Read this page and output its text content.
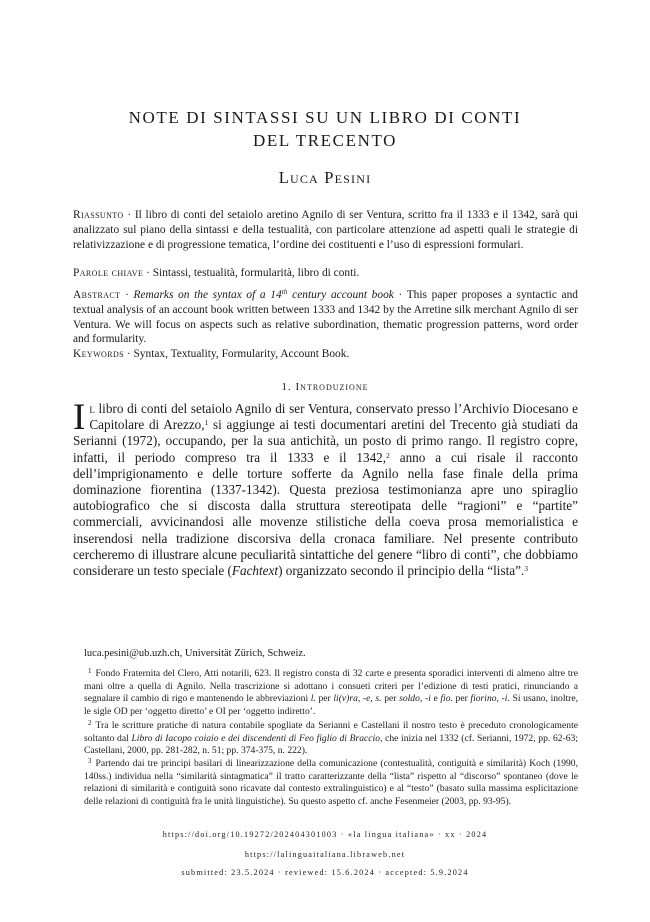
NOTE DI SINTASSI SU UN LIBRO DI CONTI
DEL TRECENTO
Luca Pesini
Riassunto · Il libro di conti del setaiolo aretino Agnilo di ser Ventura, scritto fra il 1333 e il 1342, sarà qui analizzato sul piano della sintassi e della testualità, con particolare attenzione ad aspetti quali le strategie di relativizzazione e di progressione tematica, l’ordine dei costituenti e l’uso di espressioni formulari.
Parole chiave · Sintassi, testualità, formularità, libro di conti.
Abstract · Remarks on the syntax of a 14th century account book · This paper proposes a syntactic and textual analysis of an account book written between 1333 and 1342 by the Arretine silk merchant Agnilo di ser Ventura. We will focus on aspects such as relative subordination, thematic progression patterns, word order and formularity.
Keywords · Syntax, Textuality, Formularity, Account Book.
1. Introduzione
Il libro di conti del setaiolo Agnilo di ser Ventura, conservato presso l’Archivio Diocesano e Capitolare di Arezzo,$^1$ si aggiunge ai testi documentari aretini del Trecento già studiati da Serianni (1972), occupando, per la sua antichità, un posto di primo rango. Il registro copre, infatti, il periodo compreso tra il 1333 e il 1342,$^2$ anno a cui risale il racconto dell’imprigionamento e delle torture sofferte da Agnilo nella fase finale della prima dominazione fiorentina (1337-1342). Questa preziosa testimonianza apre uno spiraglio autobiografico che si discosta dalla struttura stereotipata delle “ragioni” e “partite” commerciali, avvicinandosi alle movenze stilistiche della coeva prosa memorialistica e inserendosi nella tradizione discorsiva della cronaca familiare. Nel presente contributo cercheremo di illustrare alcune peculiarità sintattiche del genere “libro di conti”, che dobbiamo considerare un testo speciale (Fachtext) organizzato secondo il principio della “lista”.$^3$
luca.pesini@ub.uzh.ch, Universität Zürich, Schweiz.
$^1$ Fondo Fraternita del Clero, Atti notarili, 623. Il registro consta di 32 carte e presenta sporadici interventi di almeno altre tre mani oltre a quella di Agnilo. Nella trascrizione si adottano i consueti criteri per l’edizione di testi pratici, rinunciando a segnalare il cambio di rigo e mantenendo le abbreviazioni l. per li(v)ra, -e, s. per soldo, -i e fio. per fiorino, -i. Si usano, inoltre, le sigle OD per ‘oggetto diretto’ e OI per ‘oggetto indiretto’.
$^2$ Tra le scritture pratiche di natura contabile spogliate da Serianni e Castellani il nostro testo è preceduto cronologicamente soltanto dal Libro di Iacopo coiaio e dei discendenti di Feo figlio di Braccio, che inizia nel 1332 (cf. Serianni, 1972, pp. 62-63; Castellani, 2000, pp. 281-282, n. 51; pp. 374-375, n. 222).
$^3$ Partendo dai tre principi basilari di linearizzazione della comunicazione (contestualità, contiguità e similarità) Koch (1990, 140ss.) individua nella “similarità sintagmatica” il tratto caratterizzante della “lista” rispetto al “discorso” spontaneo (dove le relazioni di similarità e contiguità sono ricavate dal contesto extralinguistico) e al “testo” (basato sulla massima esplicitazione delle relazioni di contiguità fra le unità linguistiche). Su questo aspetto cf. anche Fesenmeier (2003, pp. 93-95).
https://doi.org/10.19272/202404301003 · «la lingua italiana» · xx · 2024
https://lalinguaitaliana.libraweb.net
submitted: 23.5.2024 · reviewed: 15.6.2024 · accepted: 5.9.2024
